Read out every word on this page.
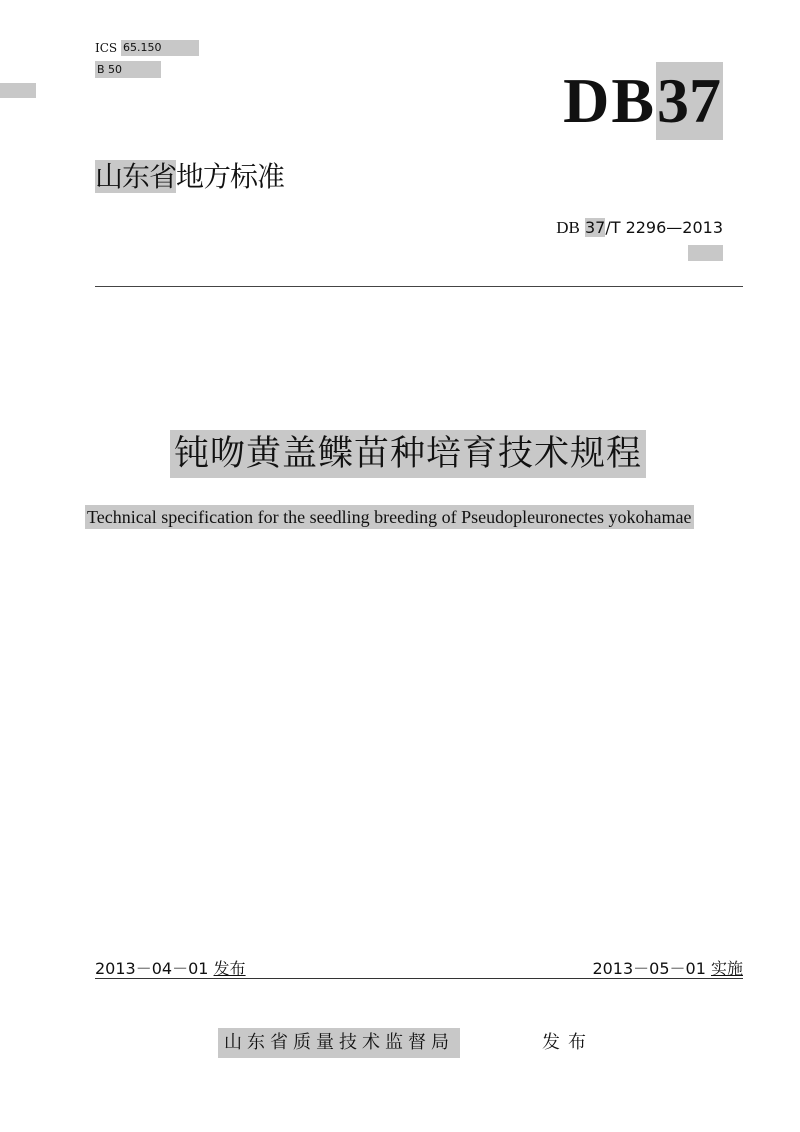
ICS 65.150
B 50	DB 37
山东省地方标准
DB 37/T 2296—2013
钝吻黄盖鲽苗种培育技术规程
Technical specification for the seedling breeding of Pseudopleuronectes yokohamae
2013－04－01 发布	2013－05－01 实施
山东省质量技术监督局	发布
